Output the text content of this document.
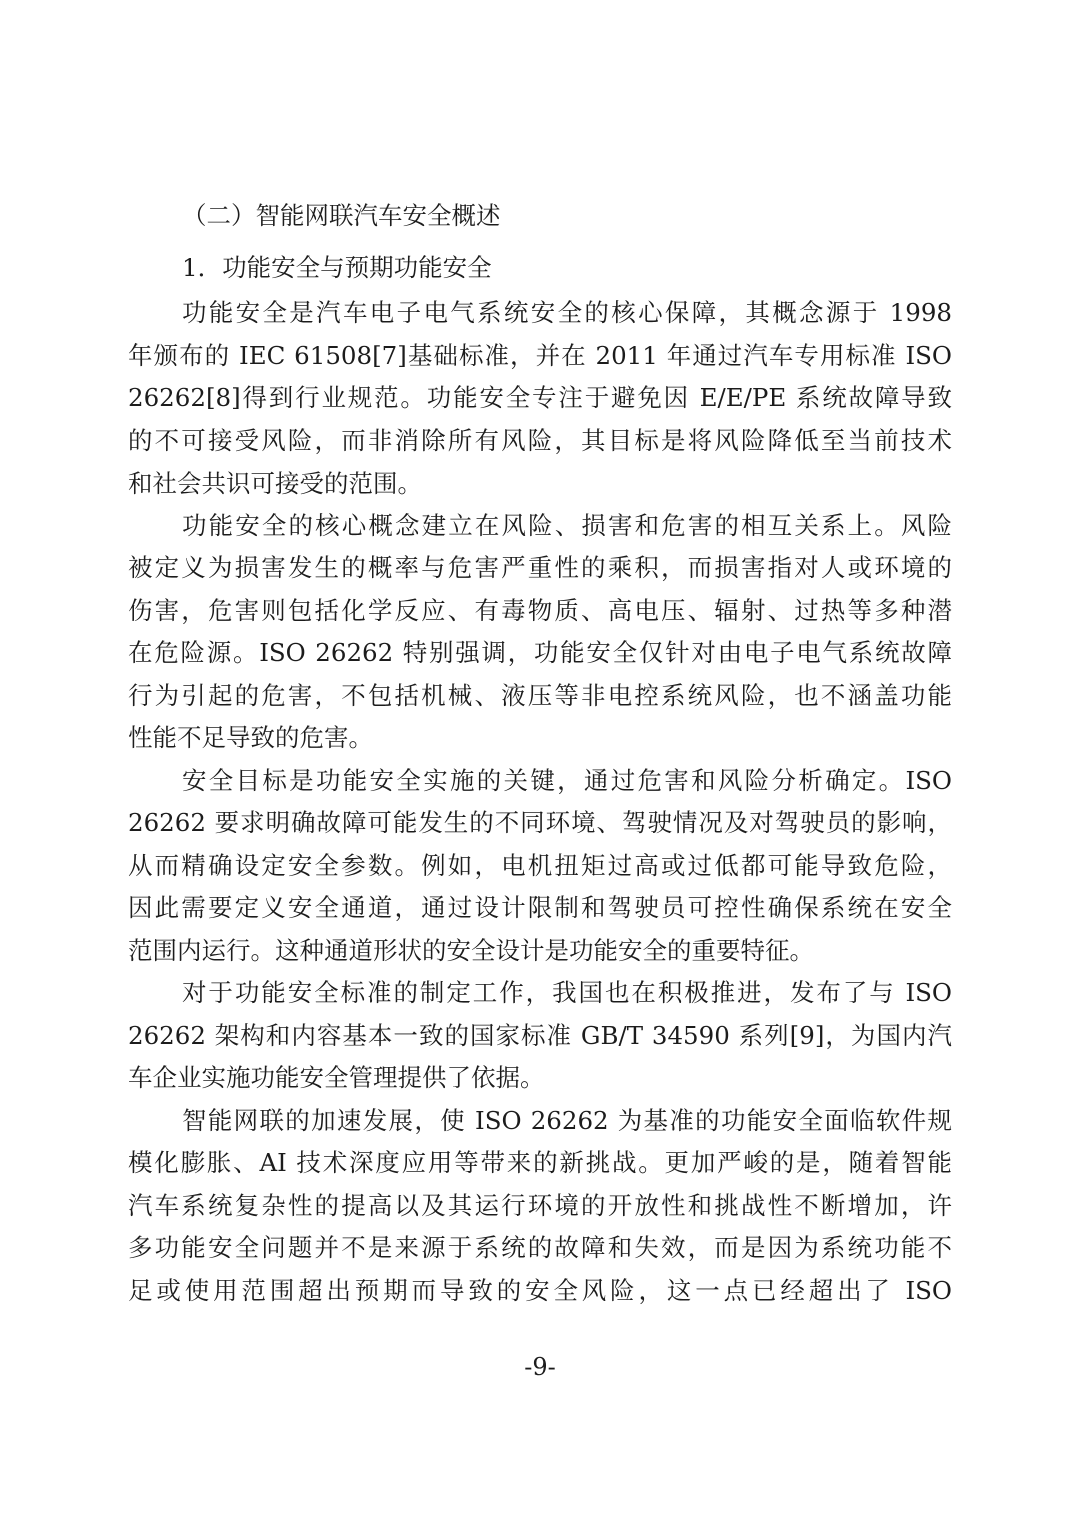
（二）智能网联汽车安全概述
1．功能安全与预期功能安全
功能安全是汽车电子电气系统安全的核心保障，其概念源于 1998
年颁布的 IEC 61508[7]基础标准，并在 2011 年通过汽车专用标准 ISO
26262[8]得到行业规范。功能安全专注于避免因 E/E/PE 系统故障导致
的不可接受风险，而非消除所有风险，其目标是将风险降低至当前技术
和社会共识可接受的范围。
功能安全的核心概念建立在风险、损害和危害的相互关系上。风险
被定义为损害发生的概率与危害严重性的乘积，而损害指对人或环境的
伤害，危害则包括化学反应、有毒物质、高电压、辐射、过热等多种潜
在危险源。ISO 26262 特别强调，功能安全仅针对由电子电气系统故障
行为引起的危害，不包括机械、液压等非电控系统风险，也不涵盖功能
性能不足导致的危害。
安全目标是功能安全实施的关键，通过危害和风险分析确定。ISO
26262 要求明确故障可能发生的不同环境、驾驶情况及对驾驶员的影响，
从而精确设定安全参数。例如，电机扭矩过高或过低都可能导致危险，
因此需要定义安全通道，通过设计限制和驾驶员可控性确保系统在安全
范围内运行。这种通道形状的安全设计是功能安全的重要特征。
对于功能安全标准的制定工作，我国也在积极推进，发布了与 ISO
26262 架构和内容基本一致的国家标准 GB/T 34590 系列[9]，为国内汽
车企业实施功能安全管理提供了依据。
智能网联的加速发展，使 ISO 26262 为基准的功能安全面临软件规
模化膨胀、AI 技术深度应用等带来的新挑战。更加严峻的是，随着智能
汽车系统复杂性的提高以及其运行环境的开放性和挑战性不断增加，许
多功能安全问题并不是来源于系统的故障和失效，而是因为系统功能不
足或使用范围超出预期而导致的安全风险，这一点已经超出了 ISO
-9-
